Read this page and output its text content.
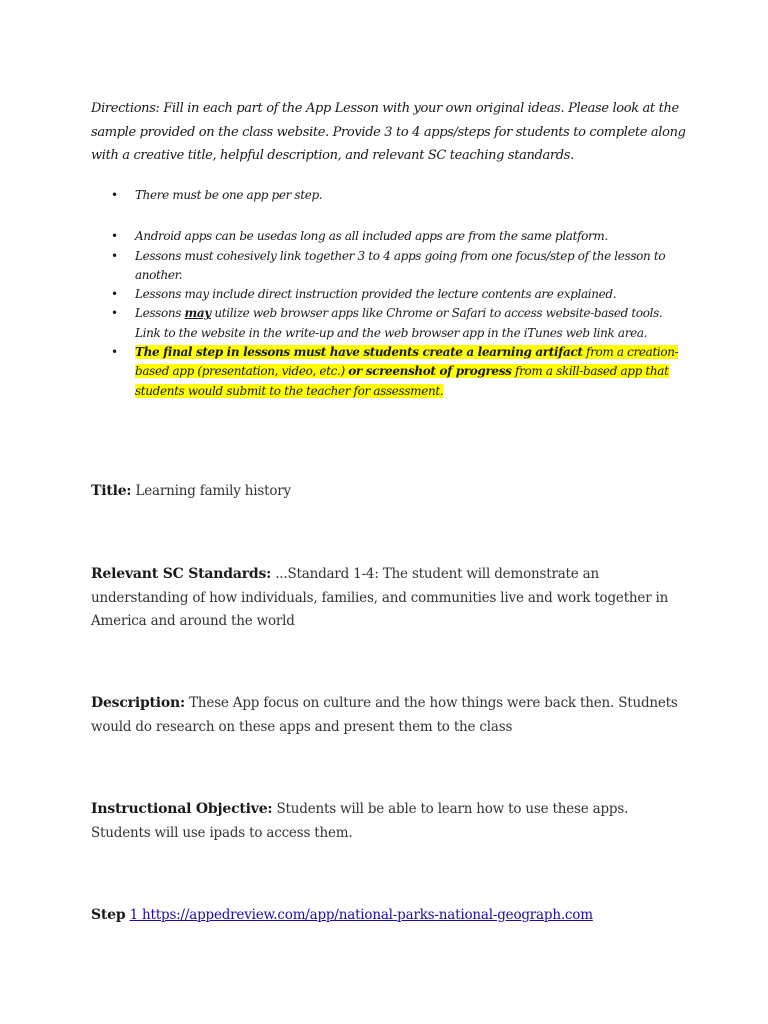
Directions: Fill in each part of the App Lesson with your own original ideas. Please look at the sample provided on the class website. Provide 3 to 4 apps/steps for students to complete along with a creative title, helpful description, and relevant SC teaching standards.
• There must be one app per step.
• Android apps can be usedas long as all included apps are from the same platform.
• Lessons must cohesively link together 3 to 4 apps going from one focus/step of the lesson to another.
• Lessons may include direct instruction provided the lecture contents are explained.
• Lessons may utilize web browser apps like Chrome or Safari to access website-based tools. Link to the website in the write-up and the web browser app in the iTunes web link area.
• The final step in lessons must have students create a learning artifact from a creation-based app (presentation, video, etc.) or screenshot of progress from a skill-based app that students would submit to the teacher for assessment.
Title: Learning family history
Relevant SC Standards: ...Standard 1-4: The student will demonstrate an understanding of how individuals, families, and communities live and work together in America and around the world
Description: These App focus on culture and the how things were back then. Studnets would do research on these apps and present them to the class
Instructional Objective: Students will be able to learn how to use these apps. Students will use ipads to access them.
Step 1 https://appedreview.com/app/national-parks-national-geograph.com
